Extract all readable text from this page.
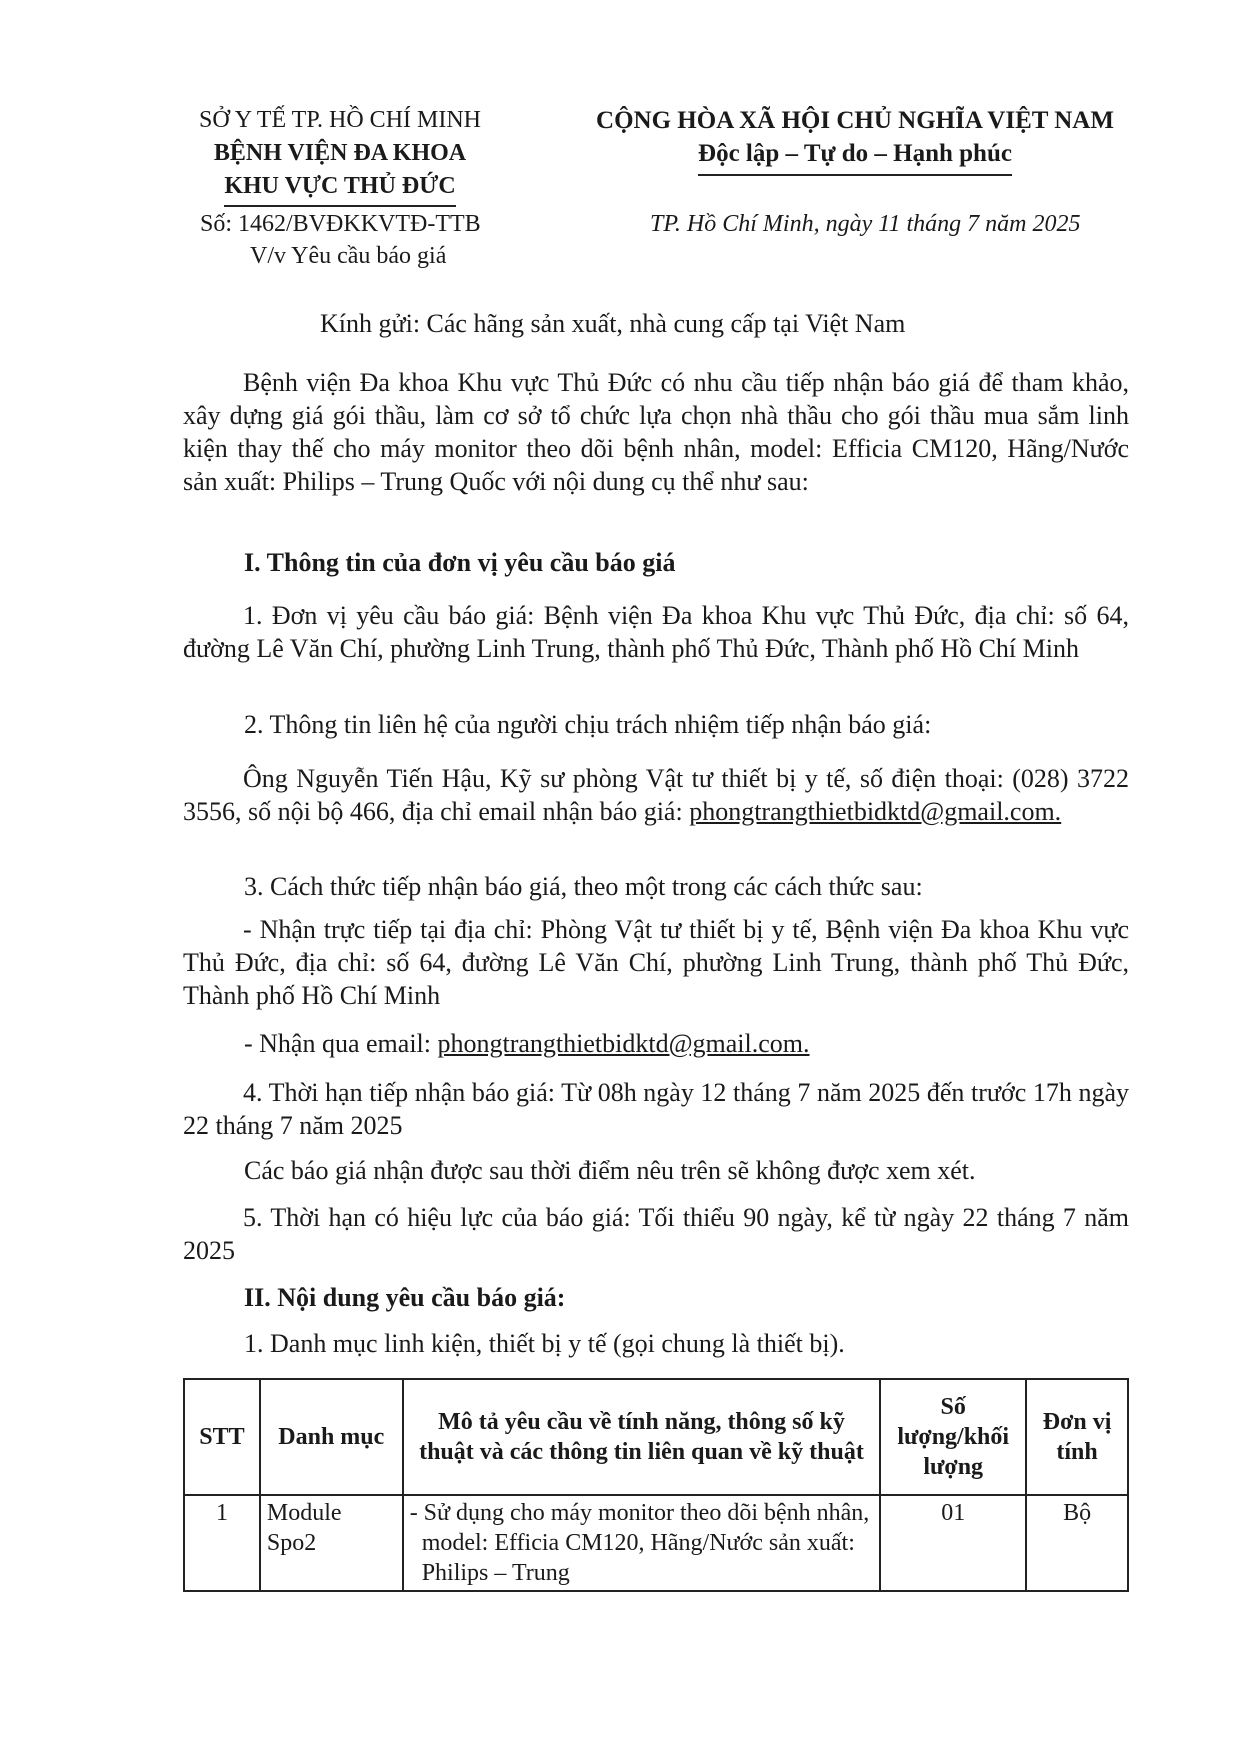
SỞ Y TẾ TP. HỒ CHÍ MINH
BỆNH VIỆN ĐA KHOA
KHU VỰC THỦ ĐỨC
CỘNG HÒA XÃ HỘI CHỦ NGHĨA VIỆT NAM
Độc lập – Tự do – Hạnh phúc
Số: 1462/BVĐKKVTĐ-TTB
V/v Yêu cầu báo giá
TP. Hồ Chí Minh, ngày 11 tháng 7 năm 2025
Kính gửi: Các hãng sản xuất, nhà cung cấp tại Việt Nam
Bệnh viện Đa khoa Khu vực Thủ Đức có nhu cầu tiếp nhận báo giá để tham khảo, xây dựng giá gói thầu, làm cơ sở tổ chức lựa chọn nhà thầu cho gói thầu mua sắm linh kiện thay thế cho máy monitor theo dõi bệnh nhân, model: Efficia CM120, Hãng/Nước sản xuất: Philips – Trung Quốc với nội dung cụ thể như sau:
I. Thông tin của đơn vị yêu cầu báo giá
1. Đơn vị yêu cầu báo giá: Bệnh viện Đa khoa Khu vực Thủ Đức, địa chỉ: số 64, đường Lê Văn Chí, phường Linh Trung, thành phố Thủ Đức, Thành phố Hồ Chí Minh
2. Thông tin liên hệ của người chịu trách nhiệm tiếp nhận báo giá:
Ông Nguyễn Tiến Hậu, Kỹ sư phòng Vật tư thiết bị y tế, số điện thoại: (028) 3722 3556, số nội bộ 466, địa chỉ email nhận báo giá: phongtrangthietbidktd@gmail.com.
3. Cách thức tiếp nhận báo giá, theo một trong các cách thức sau:
- Nhận trực tiếp tại địa chỉ: Phòng Vật tư thiết bị y tế, Bệnh viện Đa khoa Khu vực Thủ Đức, địa chỉ: số 64, đường Lê Văn Chí, phường Linh Trung, thành phố Thủ Đức, Thành phố Hồ Chí Minh
- Nhận qua email: phongtrangthietbidktd@gmail.com.
4. Thời hạn tiếp nhận báo giá: Từ 08h ngày 12 tháng 7 năm 2025 đến trước 17h ngày 22 tháng 7 năm 2025
Các báo giá nhận được sau thời điểm nêu trên sẽ không được xem xét.
5. Thời hạn có hiệu lực của báo giá: Tối thiểu 90 ngày, kể từ ngày 22 tháng 7 năm 2025
II. Nội dung yêu cầu báo giá:
1. Danh mục linh kiện, thiết bị y tế (gọi chung là thiết bị).
STT	Danh mục	Mô tả yêu cầu về tính năng, thông số kỹ thuật và các thông tin liên quan về kỹ thuật	Số lượng/khối lượng	Đơn vị tính
1	Module Spo2	- Sử dụng cho máy monitor theo dõi bệnh nhân, model: Efficia CM120, Hãng/Nước sản xuất: Philips – Trung	01	Bộ
